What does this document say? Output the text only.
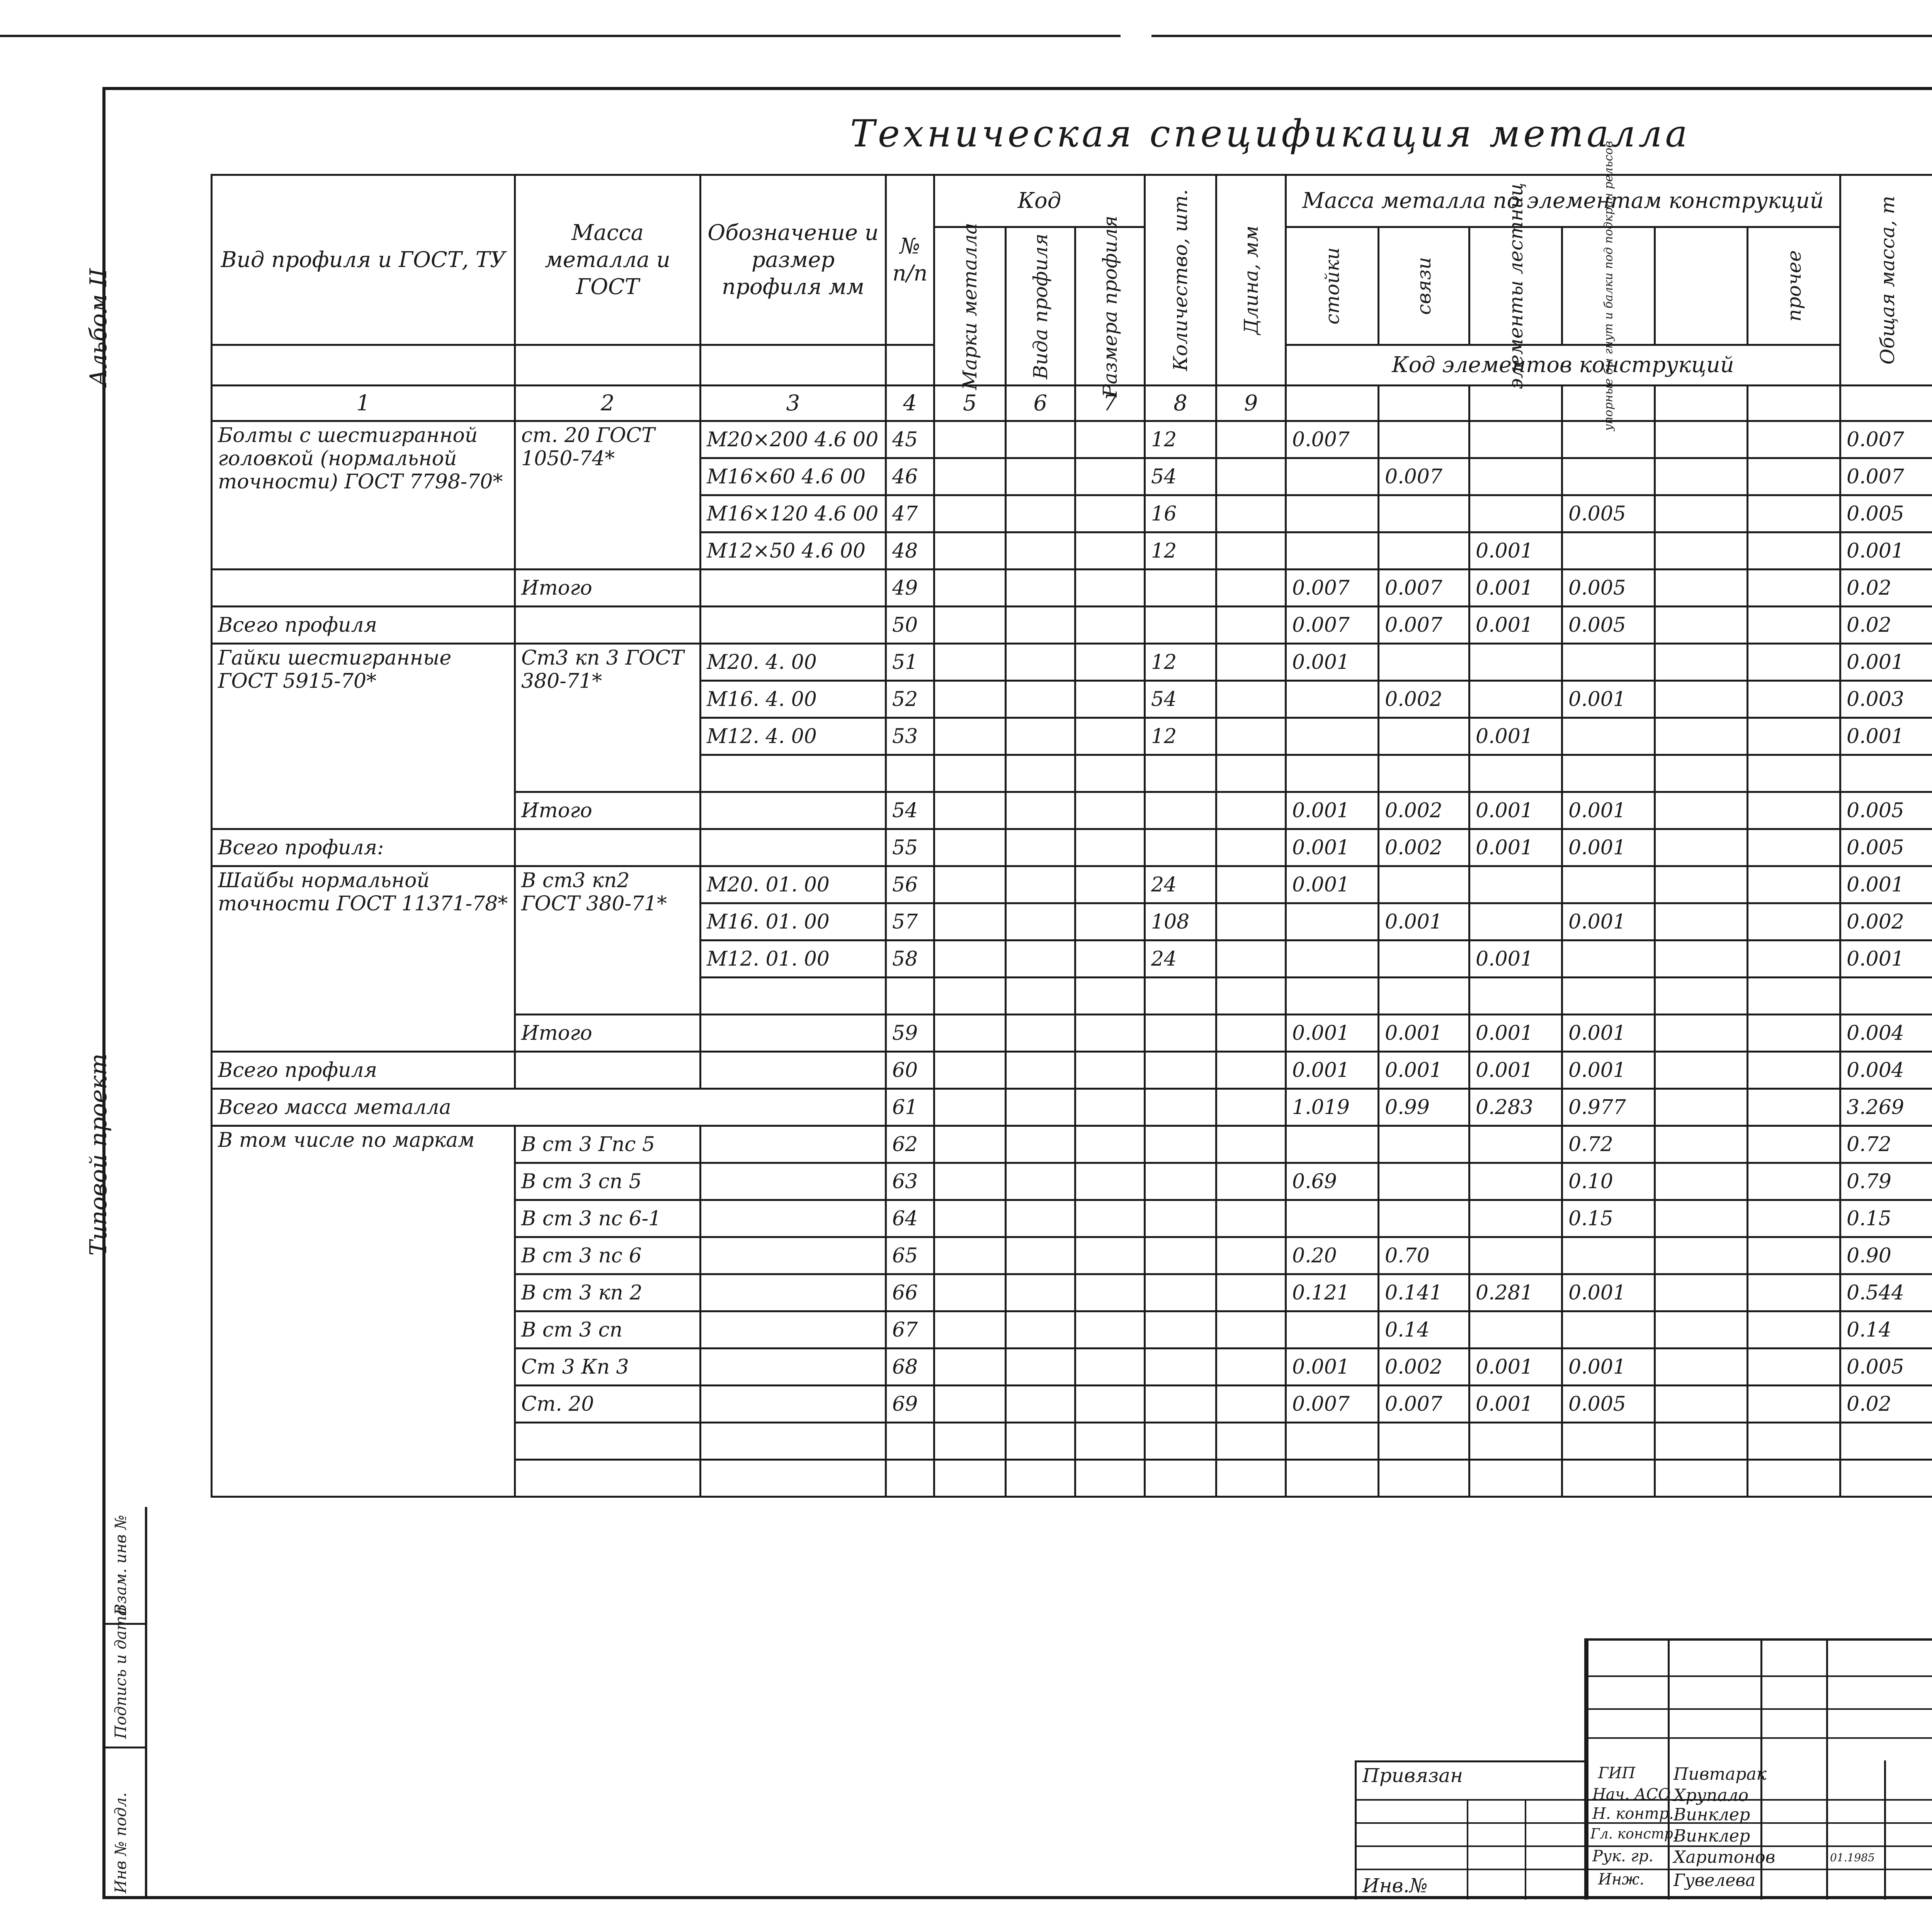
Альбом II
Типовой проект
Взам. инв №
Подпись и дата
Инв № подл.
Техническая спецификация металла
Вид профиля и ГОСТ, ТУ	Масса металла и ГОСТ	Обозначение и размер профиля мм	№ п/п	Код			Количество, шт.	Длина, мм	Масса металла по элементам конструкций						Общая масса, т

				Марки металла	Вида профиля	Размера профиля			стойки	связи	элементы лестниц	упорные бы гнут и балки под подкран рельсов		прочее						

									Код элементов конструкций				
1	2	3	4	5	6	7	8	9												
Болты с шестигранной головкой (нормальной точности) ГОСТ 7798-70*	ст. 20 ГОСТ 1050-74*	М20×200 4.6 00	45				12		0.007						0.007					
		М16×60 4.6 00	46				54			0.007					0.007					
		М16×120 4.6 00	47				16					0.005			0.005					
		М12×50 4.6 00	48				12				0.001				0.001					
	Итого		49						0.007	0.007	0.001	0.005			0.02					
Всего профиля			50						0.007	0.007	0.001	0.005			0.02					
Гайки шестигранные ГОСТ 5915-70*	Ст3 кп 3 ГОСТ 380-71*	М20. 4. 00	51				12		0.001						0.001					
		М16. 4. 00	52				54			0.002		0.001			0.003					
		М12. 4. 00	53				12				0.001				0.001					

	Итого		54						0.001	0.002	0.001	0.001			0.005					
Всего профиля:			55						0.001	0.002	0.001	0.001			0.005					
Шайбы нормальной точности ГОСТ 11371-78*	В ст3 кп2 ГОСТ 380-71*	М20. 01. 00	56				24		0.001						0.001					
		М16. 01. 00	57				108			0.001		0.001			0.002					
		М12. 01. 00	58				24				0.001				0.001					

	Итого		59						0.001	0.001	0.001	0.001			0.004					
Всего профиля			60						0.001	0.001	0.001	0.001			0.004					
Всего масса металла			61						1.019	0.99	0.283	0.977			3.269					
В том числе по маркам	В ст 3 Гпс 5		62									0.72			0.72					
	В ст 3 сп 5		63						0.69			0.10			0.79					
	В ст 3 пс 6-1		64									0.15			0.15					
	В ст 3 пс 6		65						0.20	0.70					0.90					
	В ст 3 кп 2		66						0.121	0.141	0.281	0.001			0.544					
	В ст 3 сп		67							0.14					0.14					
	Ст 3 Кп 3		68						0.001	0.002	0.001	0.001			0.005					
	Ст. 20		69						0.007	0.007	0.001	0.005			0.02					

Привязан
Инв.№
ГИП
Нач. АСО
Н. контр.
Гл. констр.
Рук. гр.
Инж.
Пивтарак
Хрупало
Винклер
Винклер
Харитонов
Гувелева
01.1985
